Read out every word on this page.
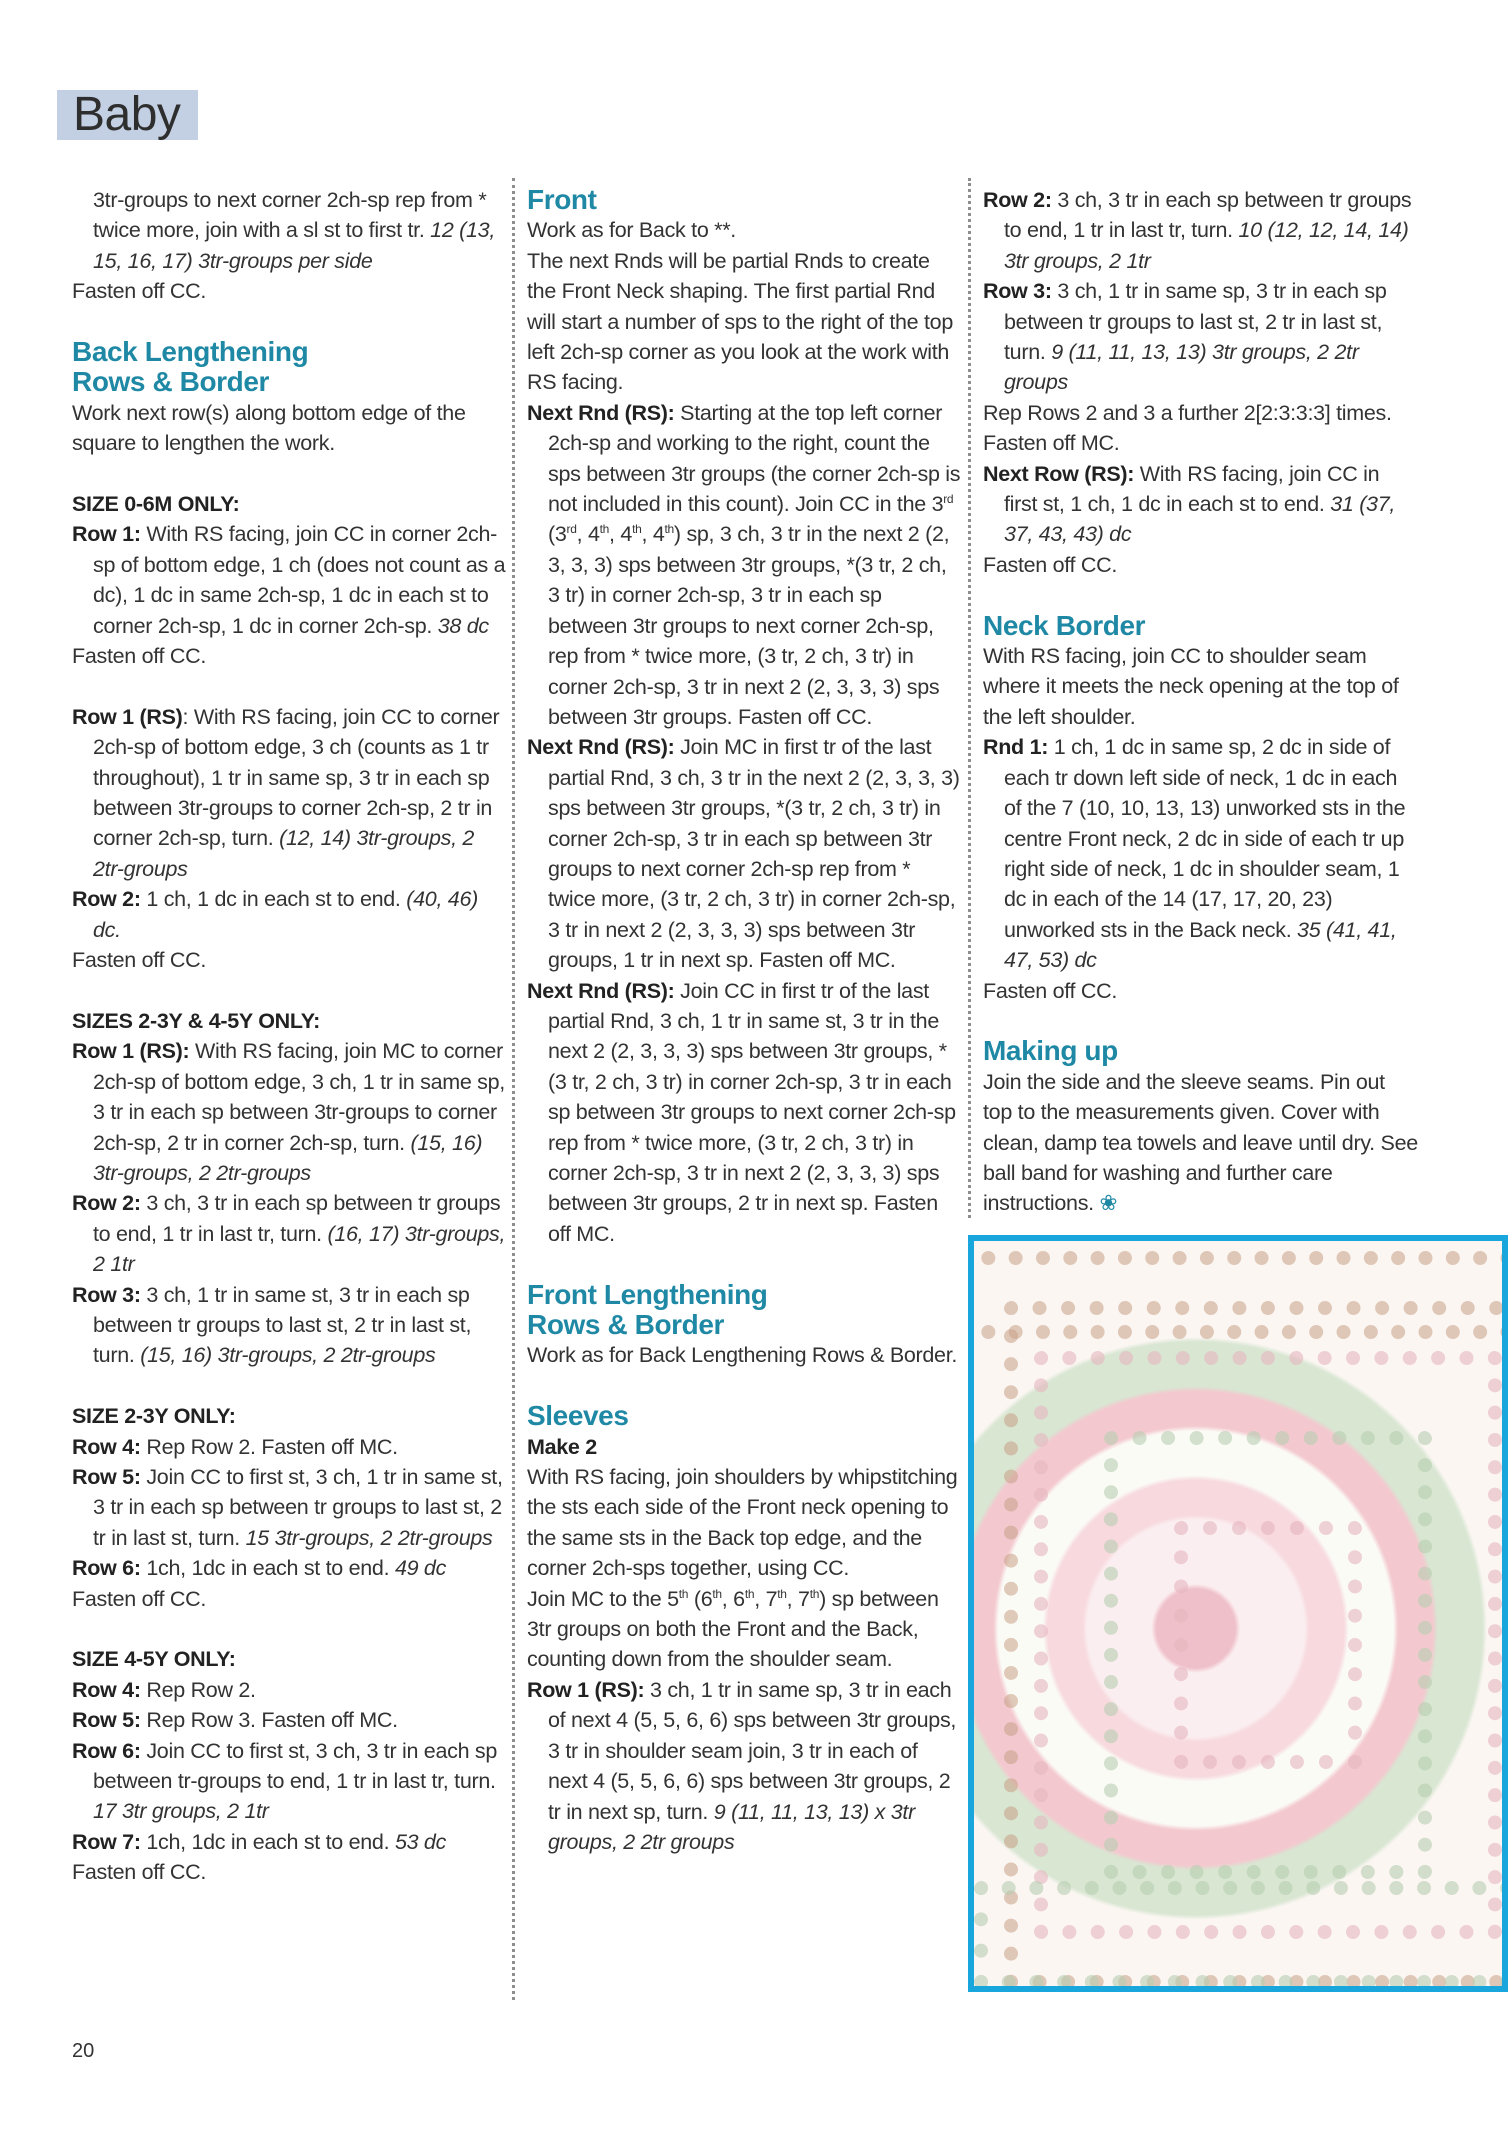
Baby
3tr-groups to next corner 2ch-sp rep from * twice more, join with a sl st to first tr. 12 (13, 15, 16, 17) 3tr-groups per side
Fasten off CC.
Back Lengthening
Rows & Border
Work next row(s) along bottom edge of the square to lengthen the work.
SIZE 0-6M ONLY:
Row 1: With RS facing, join CC in corner 2ch-sp of bottom edge, 1 ch (does not count as a dc), 1 dc in same 2ch-sp, 1 dc in each st to corner 2ch-sp, 1 dc in corner 2ch-sp. 38 dc
Fasten off CC.
Row 1 (RS): With RS facing, join CC to corner 2ch-sp of bottom edge, 3 ch (counts as 1 tr throughout), 1 tr in same sp, 3 tr in each sp between 3tr-groups to corner 2ch-sp, 2 tr in corner 2ch-sp, turn. (12, 14) 3tr-groups, 2 2tr-groups
Row 2: 1 ch, 1 dc in each st to end. (40, 46) dc.
Fasten off CC.
SIZES 2-3Y & 4-5Y ONLY:
Row 1 (RS): With RS facing, join MC to corner 2ch-sp of bottom edge, 3 ch, 1 tr in same sp, 3 tr in each sp between 3tr-groups to corner 2ch-sp, 2 tr in corner 2ch-sp, turn. (15, 16) 3tr-groups, 2 2tr-groups
Row 2: 3 ch, 3 tr in each sp between tr groups to end, 1 tr in last tr, turn. (16, 17) 3tr-groups, 2 1tr
Row 3: 3 ch, 1 tr in same st, 3 tr in each sp between tr groups to last st, 2 tr in last st, turn. (15, 16) 3tr-groups, 2 2tr-groups
SIZE 2-3Y ONLY:
Row 4: Rep Row 2. Fasten off MC.
Row 5: Join CC to first st, 3 ch, 1 tr in same st, 3 tr in each sp between tr groups to last st, 2 tr in last st, turn. 15 3tr-groups, 2 2tr-groups
Row 6: 1ch, 1dc in each st to end. 49 dc
Fasten off CC.
SIZE 4-5Y ONLY:
Row 4: Rep Row 2.
Row 5: Rep Row 3. Fasten off MC.
Row 6: Join CC to first st, 3 ch, 3 tr in each sp between tr-groups to end, 1 tr in last tr, turn. 17 3tr groups, 2 1tr
Row 7: 1ch, 1dc in each st to end. 53 dc
Fasten off CC.
Front
Work as for Back to **.
The next Rnds will be partial Rnds to create the Front Neck shaping. The first partial Rnd will start a number of sps to the right of the top left 2ch-sp corner as you look at the work with RS facing.
Next Rnd (RS): Starting at the top left corner 2ch-sp and working to the right, count the sps between 3tr groups (the corner 2ch-sp is not included in this count). Join CC in the 3rd (3rd, 4th, 4th, 4th) sp, 3 ch, 3 tr in the next 2 (2, 3, 3, 3) sps between 3tr groups, *(3 tr, 2 ch, 3 tr) in corner 2ch-sp, 3 tr in each sp between 3tr groups to next corner 2ch-sp, rep from * twice more, (3 tr, 2 ch, 3 tr) in corner 2ch-sp, 3 tr in next 2 (2, 3, 3, 3) sps between 3tr groups. Fasten off CC.
Next Rnd (RS): Join MC in first tr of the last partial Rnd, 3 ch, 3 tr in the next 2 (2, 3, 3, 3) sps between 3tr groups, *(3 tr, 2 ch, 3 tr) in corner 2ch-sp, 3 tr in each sp between 3tr groups to next corner 2ch-sp rep from * twice more, (3 tr, 2 ch, 3 tr) in corner 2ch-sp, 3 tr in next 2 (2, 3, 3, 3) sps between 3tr groups, 1 tr in next sp. Fasten off MC.
Next Rnd (RS): Join CC in first tr of the last partial Rnd, 3 ch, 1 tr in same st, 3 tr in the next 2 (2, 3, 3, 3) sps between 3tr groups, *(3 tr, 2 ch, 3 tr) in corner 2ch-sp, 3 tr in each sp between 3tr groups to next corner 2ch-sp rep from * twice more, (3 tr, 2 ch, 3 tr) in corner 2ch-sp, 3 tr in next 2 (2, 3, 3, 3) sps between 3tr groups, 2 tr in next sp. Fasten off MC.
Front Lengthening
Rows & Border
Work as for Back Lengthening Rows & Border.
Sleeves
Make 2
With RS facing, join shoulders by whipstitching the sts each side of the Front neck opening to the same sts in the Back top edge, and the corner 2ch-sps together, using CC.
Join MC to the 5th (6th, 6th, 7th, 7th) sp between 3tr groups on both the Front and the Back, counting down from the shoulder seam.
Row 1 (RS): 3 ch, 1 tr in same sp, 3 tr in each of next 4 (5, 5, 6, 6) sps between 3tr groups, 3 tr in shoulder seam join, 3 tr in each of next 4 (5, 5, 6, 6) sps between 3tr groups, 2 tr in next sp, turn. 9 (11, 11, 13, 13) x 3tr groups, 2 2tr groups
Row 2: 3 ch, 3 tr in each sp between tr groups to end, 1 tr in last tr, turn. 10 (12, 12, 14, 14) 3tr groups, 2 1tr
Row 3: 3 ch, 1 tr in same sp, 3 tr in each sp between tr groups to last st, 2 tr in last st, turn. 9 (11, 11, 13, 13) 3tr groups, 2 2tr groups
Rep Rows 2 and 3 a further 2[2:3:3:3] times. Fasten off MC.
Next Row (RS): With RS facing, join CC in first st, 1 ch, 1 dc in each st to end. 31 (37, 37, 43, 43) dc
Fasten off CC.
Neck Border
With RS facing, join CC to shoulder seam where it meets the neck opening at the top of the left shoulder.
Rnd 1: 1 ch, 1 dc in same sp, 2 dc in side of each tr down left side of neck, 1 dc in each of the 7 (10, 10, 13, 13) unworked sts in the centre Front neck, 2 dc in side of each tr up right side of neck, 1 dc in shoulder seam, 1 dc in each of the 14 (17, 17, 20, 23) unworked sts in the Back neck. 35 (41, 41, 47, 53) dc
Fasten off CC.
Making up
Join the side and the sleeve seams. Pin out top to the measurements given. Cover with clean, damp tea towels and leave until dry. See ball band for washing and further care instructions. ❀
20
